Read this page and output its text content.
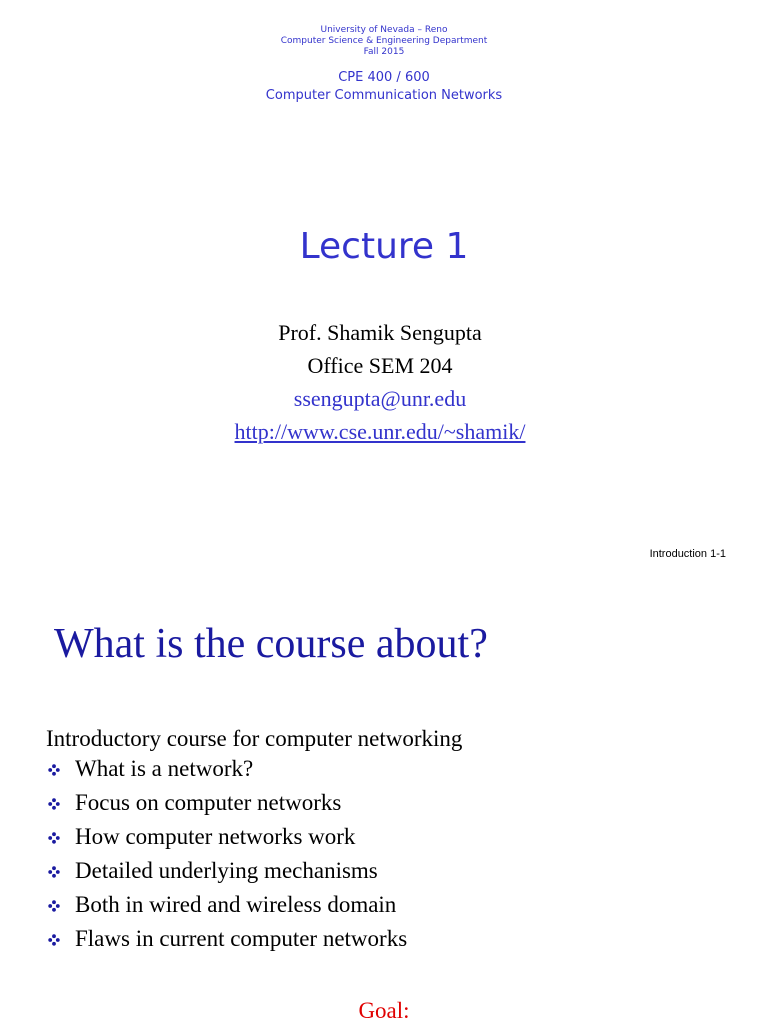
University of Nevada – Reno
Computer Science & Engineering Department
Fall 2015
CPE 400 / 600
Computer Communication Networks
Lecture 1
Prof. Shamik Sengupta
Office SEM 204
ssengupta@unr.edu
http://www.cse.unr.edu/~shamik/
Introduction 1-1
What is the course about?
Introductory course for computer networking
What is a network?
Focus on computer networks
How computer networks work
Detailed underlying mechanisms
Both in wired and wireless domain
Flaws in current computer networks
Goal:
